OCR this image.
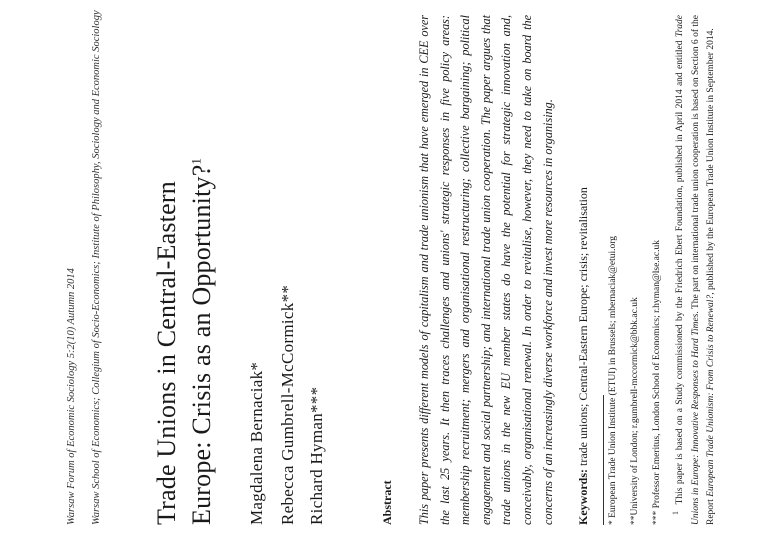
Warsaw Forum of Economic Sociology 5:2(10) Autumn 2014 Warsaw School of Economics; Collegium of Socio-Economics; Institute of Philosophy, Sociology and Economic Sociology Trade Unions in Central-Eastern Europe: Crisis as an Opportunity?$^1$
Magdalena Bernaciak* Rebecca Gumbrell-McCormick** Richard Hyman***	Abstract This paper presents different models of capitalism and trade unionism that have emerged in CEE over the last 25 years. It then traces challenges and unions' strategic responses in five policy areas: membership recruitment; mergers and organisational restructuring; collective bargaining; political engagement and social partnership; and international trade union cooperation. The paper argues that trade unions in the new EU member states do have the potential for strategic innovation and, conceivably, organisational renewal. In order to revitalise, however, they need to take on board the concerns of an increasingly diverse workforce and invest more resources in organising. Keywords: trade unions; Central-Eastern Europe; crisis; revitalisation * European Trade Union Institute (ETUI) in Brussels; mbernaciak@etui.org **University of London; r.gumbrell-mccormick@bbk.ac.uk *** Professor Emeritus, London School of Economics; r.hyman@lse.ac.uk	$^1$  This paper is based on a Study commissioned by the Friedrich Ebert Foundation, published in April 2014 and entitled Trade Unions in Europe: Innovative Responses to Hard Times. The part on international trade union cooperation is based on Section 6 of the Report European Trade Unionism: From Crisis to Renewal?, published by the European Trade Union Institute in September 2014.
